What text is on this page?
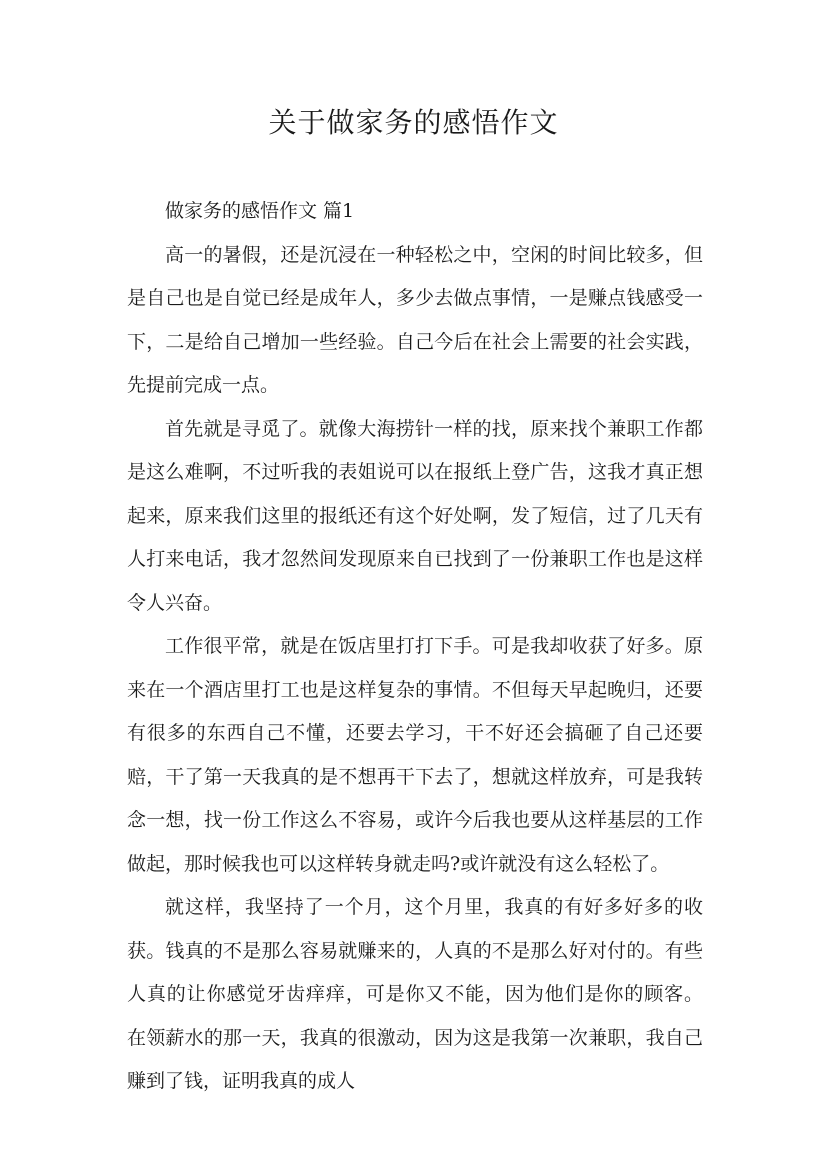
关于做家务的感悟作文
做家务的感悟作文 篇1

高一的暑假，还是沉浸在一种轻松之中，空闲的时间比较多，但是自己也是自觉已经是成年人，多少去做点事情，一是赚点钱感受一下，二是给自己增加一些经验。自己今后在社会上需要的社会实践，先提前完成一点。

首先就是寻觅了。就像大海捞针一样的找，原来找个兼职工作都是这么难啊，不过听我的表姐说可以在报纸上登广告，这我才真正想起来，原来我们这里的报纸还有这个好处啊，发了短信，过了几天有人打来电话，我才忽然间发现原来自已找到了一份兼职工作也是这样令人兴奋。

工作很平常，就是在饭店里打打下手。可是我却收获了好多。原来在一个酒店里打工也是这样复杂的事情。不但每天早起晚归，还要有很多的东西自己不懂，还要去学习，干不好还会搞砸了自己还要赔，干了第一天我真的是不想再干下去了，想就这样放弃，可是我转念一想，找一份工作这么不容易，或许今后我也要从这样基层的工作做起，那时候我也可以这样转身就走吗?或许就没有这么轻松了。

就这样，我坚持了一个月，这个月里，我真的有好多好多的收获。钱真的不是那么容易就赚来的，人真的不是那么好对付的。有些人真的让你感觉牙齿痒痒，可是你又不能，因为他们是你的顾客。 在领薪水的那一天，我真的很激动，因为这是我第一次兼职，我自己赚到了钱，证明我真的成人
